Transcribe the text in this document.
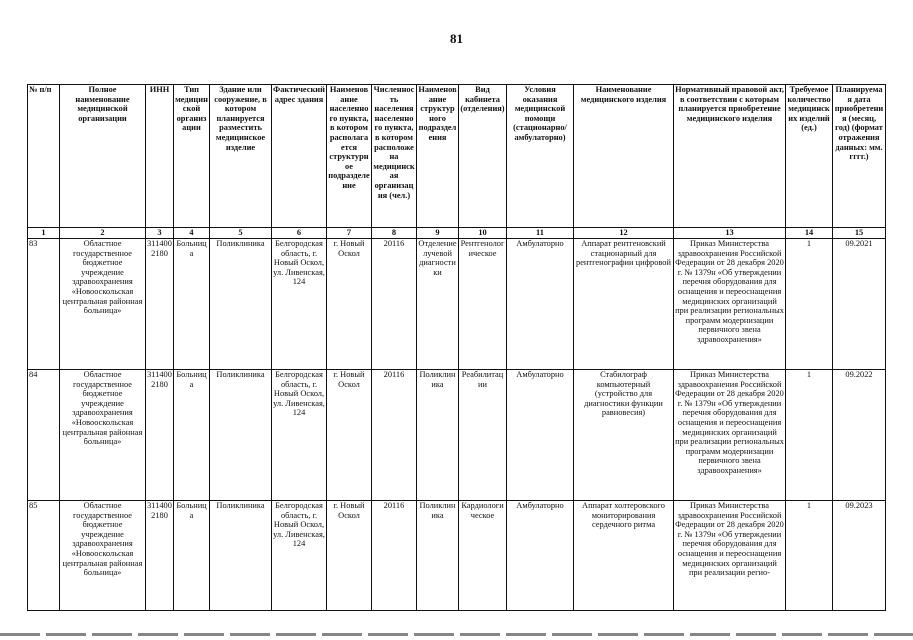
81
№ п/п	Полное наименование медицинской организации	ИНН	Тип медицинской организации	Здание или сооружение, в котором планируется разместить медицинское изделие	Фактический адрес здания	Наименование населенного пункта, в котором располагается структурное подразделение	Численность населения населенного пункта, в котором расположена медицинская организация (чел.)	Наименование структурного подразделения	Вид кабинета (отделения)	Условия оказания медицинской помощи (стационарно/амбулаторно)	Наименование медицинского изделия	Нормативный правовой акт, в соответствии с которым планируется приобретение медицинского изделия	Требуемое количество медицинских изделий (ед.)	Планируемая дата приобретения (месяц, год) (формат отражения данных: мм. гггг.)
1	2	3	4	5	6	7	8	9	10	11	12	13	14	15
83	Областное государственное бюджетное учреждение здравоохранения «Новооскольская центральная районная больница»	3114002180	Больница	Поликлиника	Белгородская область, г. Новый Оскол, ул. Ливенская, 124	г. Новый Оскол	20116	Отделение лучевой диагностики	Рентгенологическое	Амбулаторно	Аппарат рентгеновский стационарный для рентгенографии цифровой	Приказ Министерства здравоохранения Российской Федерации от 28 декабря 2020 г. № 1379н «Об утверждении перечня оборудования для оснащения и переоснащения медицинских организаций при реализации региональных программ модернизации первичного звена здравоохранения»	1	09.2021
84	Областное государственное бюджетное учреждение здравоохранения «Новооскольская центральная районная больница»	3114002180	Больница	Поликлиника	Белгородская область, г. Новый Оскол, ул. Ливенская, 124	г. Новый Оскол	20116	Поликлиника	Реабилитации	Амбулаторно	Стабилограф компьютерный (устройство для диагностики функции равновесия)	Приказ Министерства здравоохранения Российской Федерации от 28 декабря 2020 г. № 1379н «Об утверждении перечня оборудования для оснащения и переоснащения медицинских организаций при реализации региональных программ модернизации первичного звена здравоохранения»	1	09.2022
85	Областное государственное бюджетное учреждение здравоохранения «Новооскольская центральная районная больница»	3114002180	Больница	Поликлиника	Белгородская область, г. Новый Оскол, ул. Ливенская, 124	г. Новый Оскол	20116	Поликлиника	Кардиологическое	Амбулаторно	Аппарат холтеровского мониторирования сердечного ритма	Приказ Министерства здравоохранения Российской Федерации от 28 декабря 2020 г. № 1379н «Об утверждении перечня оборудования для оснащения и переоснащения медицинских организаций при реализации регио-	1	09.2023
